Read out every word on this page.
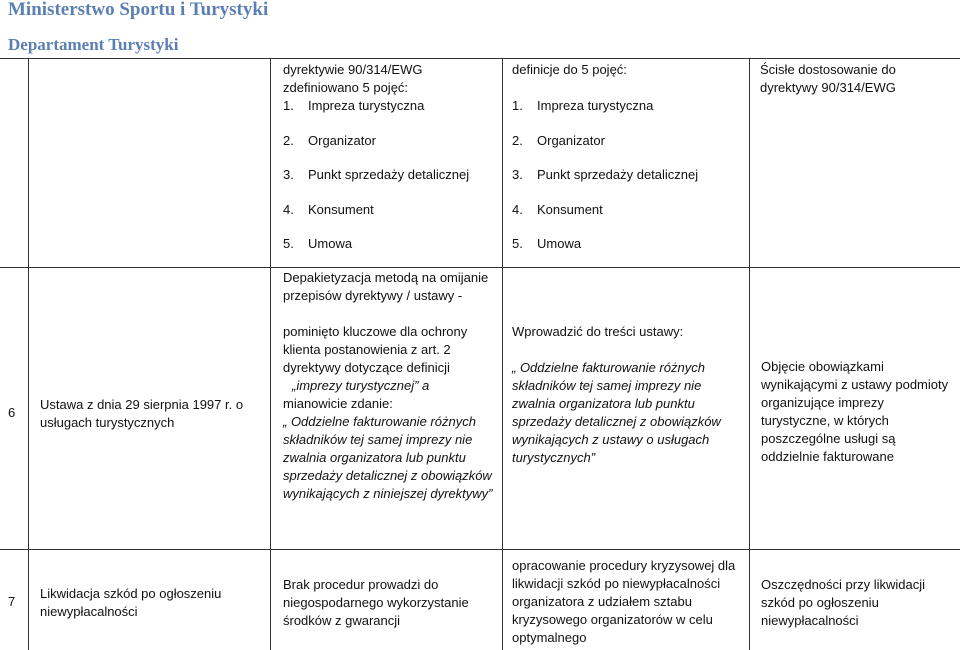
Ministerstwo Sportu i Turystyki
Departament Turystyki
dyrektywie 90/314/EWG zdefiniowano 5 pojęć:
1. Impreza turystyczna
2. Organizator
3. Punkt sprzedaży detalicznej
4. Konsument
5. Umowa
definicje do 5 pojęć:
1. Impreza turystyczna
2. Organizator
3. Punkt sprzedaży detalicznej
4. Konsument
5. Umowa
Ścisłe dostosowanie do dyrektywy 90/314/EWG
6
Ustawa z dnia 29 sierpnia 1997 r. o usługach turystycznych
Depakietyzacja metodą na omijanie przepisów dyrektywy / ustawy -
pominięto kluczowe dla ochrony klienta postanowienia z art. 2 dyrektywy dotyczące definicji
„imprezy turystycznej” a
mianowicie zdanie:
„ Oddzielne fakturowanie różnych składników tej samej imprezy nie zwalnia organizatora lub punktu sprzedaży detalicznej z obowiązków wynikających z niniejszej dyrektywy”
Wprowadzić do treści ustawy:
„ Oddzielne fakturowanie różnych składników tej samej imprezy nie zwalnia organizatora lub punktu sprzedaży detalicznej z obowiązków wynikających z ustawy o usługach turystycznych”
Objęcie obowiązkami wynikającymi z ustawy podmioty organizujące imprezy turystyczne, w których poszczególne usługi są oddzielnie fakturowane
7
Likwidacja szkód po ogłoszeniu niewypłacalności
Brak procedur prowadzi do niegospodarnego wykorzystanie środków z gwarancji
opracowanie procedury kryzysowej dla likwidacji szkód po niewypłacalności organizatora z udziałem sztabu kryzysowego organizatorów w celu optymalnego
Oszczędności przy likwidacji szkód po ogłoszeniu niewypłacalności
